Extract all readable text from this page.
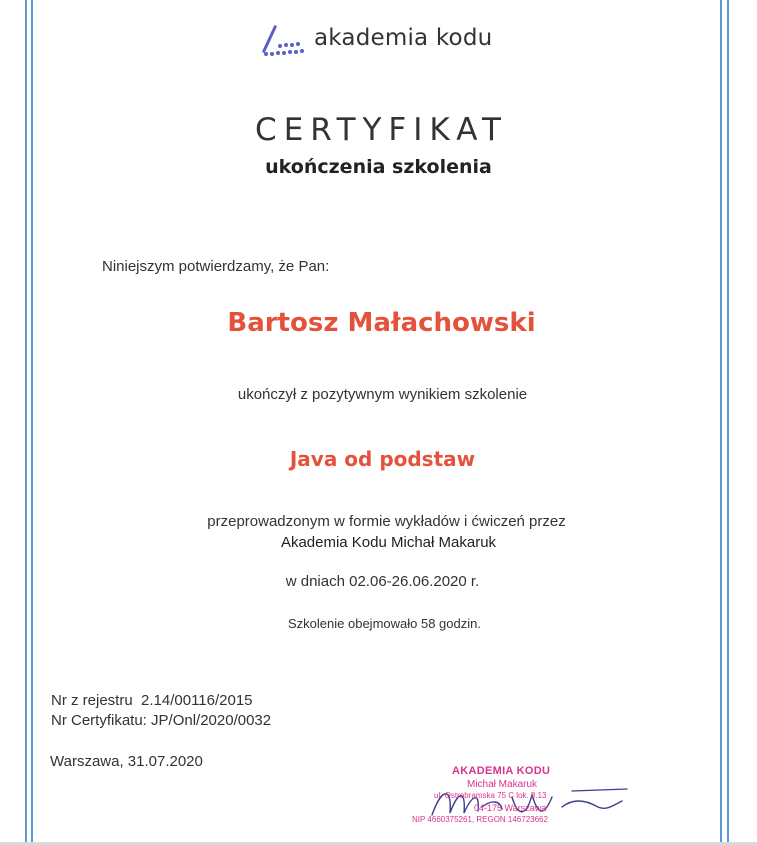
akademia kodu
CERTYFIKAT
ukończenia szkolenia
Niniejszym potwierdzamy, że Pan:
Bartosz Małachowski
ukończył z pozytywnym wynikiem szkolenie
Java od podstaw
przeprowadzonym w formie wykładów i ćwiczeń przez
Akademia Kodu Michał Makaruk
w dniach 02.06-26.06.2020 r.
Szkolenie obejmowało 58 godzin.
Nr z rejestru 2.14/00116/2015
Nr Certyfikatu: JP/Onl/2020/0032
Warszawa, 31.07.2020
AKADEMIA KODU
Michał Makaruk
ul. Ostrobramska 75 C lok. 8.13
04-175 Warszawa
NIP 4660375261, REGON 146723662
